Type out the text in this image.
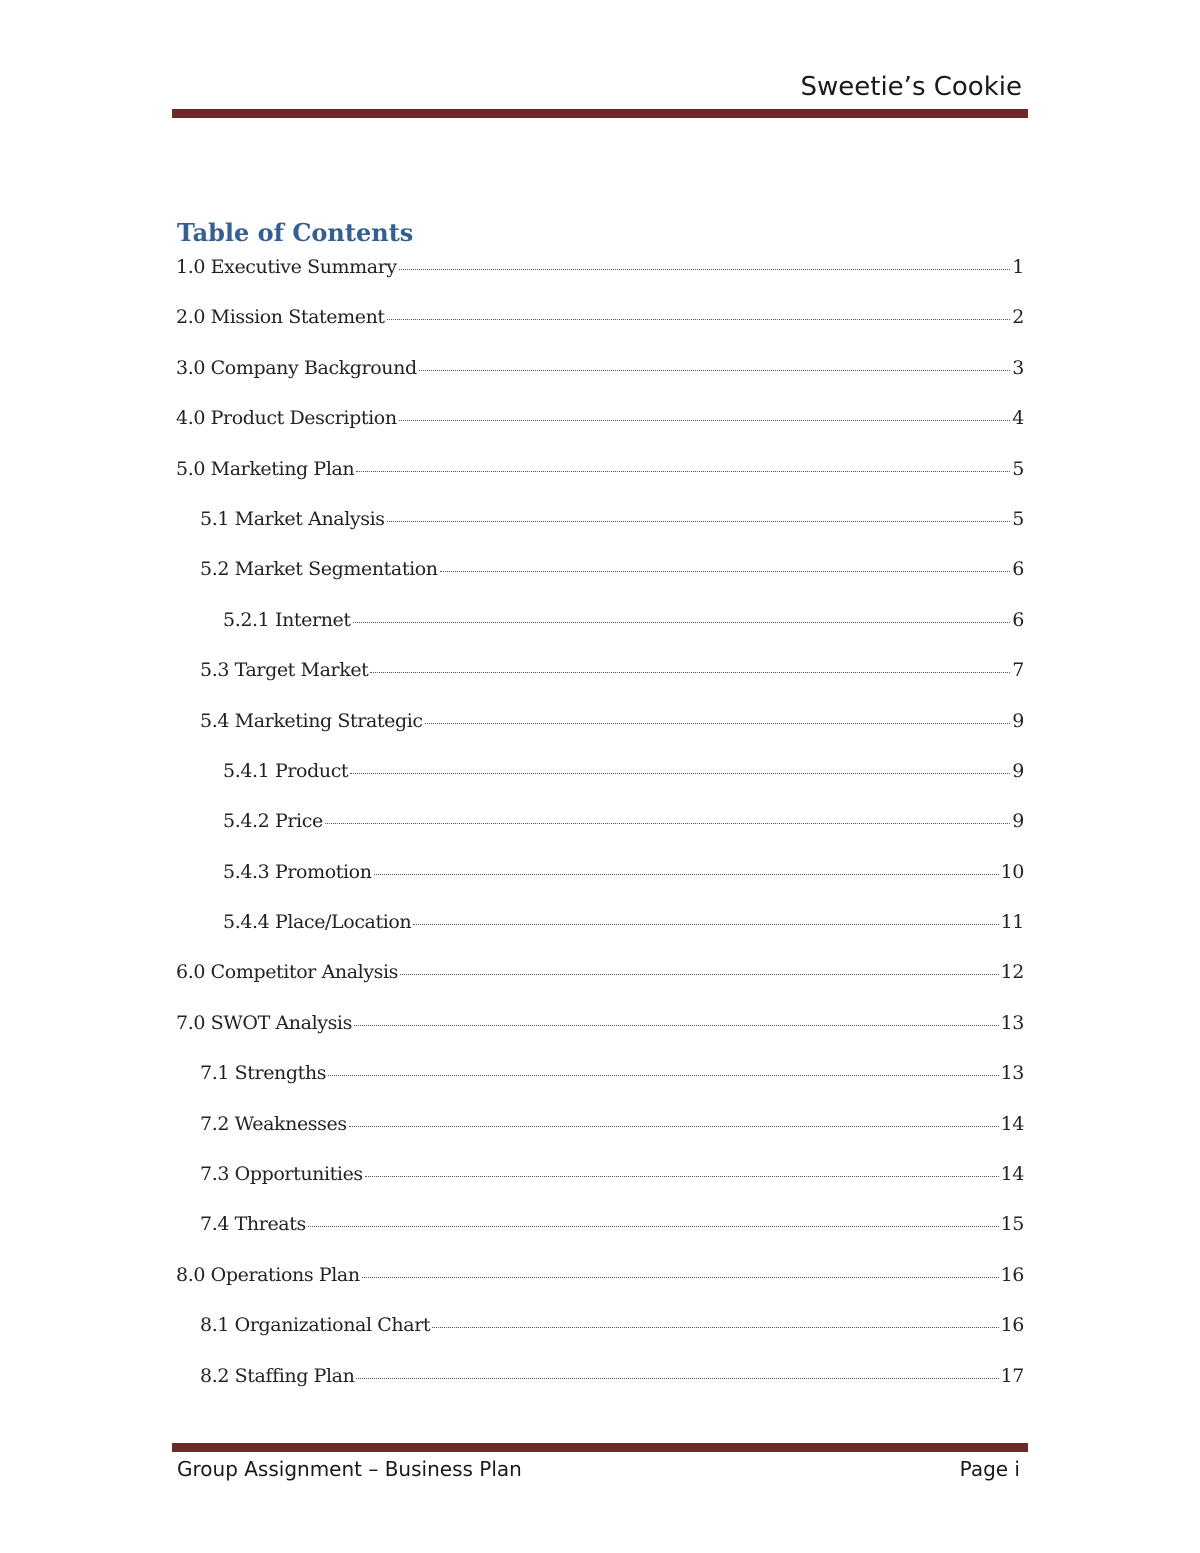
Sweetie’s Cookie
Table of Contents
1.0 Executive Summary	1
2.0 Mission Statement	2
3.0 Company Background	3
4.0 Product Description	4
5.0 Marketing Plan	5
5.1 Market Analysis	5
5.2 Market Segmentation	6
5.2.1 Internet	6
5.3 Target Market	7
5.4 Marketing Strategic	9
5.4.1 Product	9
5.4.2 Price	9
5.4.3 Promotion	10
5.4.4 Place/Location	11
6.0 Competitor Analysis	12
7.0 SWOT Analysis	13
7.1 Strengths	13
7.2 Weaknesses	14
7.3 Opportunities	14
7.4 Threats	15
8.0 Operations Plan	16
8.1 Organizational Chart	16
8.2 Staffing Plan	17
Group Assignment – Business Plan	Page i
